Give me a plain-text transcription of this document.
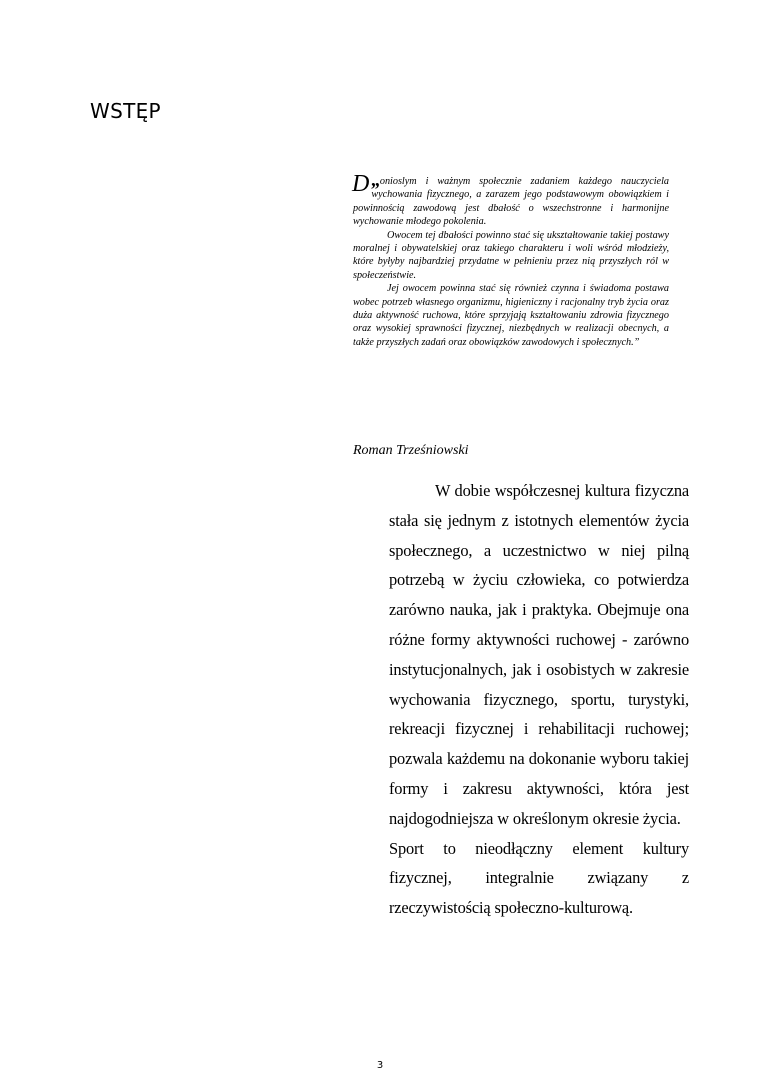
WSTĘP

„
D onioslym i ważnym społecznie zadaniem każdego nauczyciela wychowania fizycznego, a zarazem jego podstawowym obowiązkiem i powinnością zawodową jest dbałość o wszechstronne i harmonijne wychowanie młodego pokolenia.

Owocem tej dbałości powinno stać się ukształtowanie takiej postawy moralnej i obywatelskiej oraz takiego charakteru i woli wśród młodzieży, które byłyby najbardziej przydatne w pełnieniu przez nią przyszłych ról w społeczeństwie.

Jej owocem powinna stać się również czynna i świadoma postawa wobec potrzeb własnego organizmu, higieniczny i racjonalny tryb życia oraz duża aktywność ruchowa, które sprzyjają kształtowaniu zdrowia fizycznego oraz wysokiej sprawności fizycznej, niezbędnych w realizacji obecnych, a także przyszłych zadań oraz obowiązków zawodowych i społecznych.”

Roman Trześniowski

W dobie współczesnej kultura fizyczna stała się jednym z istotnych elementów życia społecznego, a uczestnictwo w niej pilną potrzebą w życiu człowieka, co potwierdza zarówno nauka, jak i praktyka. Obejmuje ona różne formy aktywności ruchowej - zarówno instytucjonalnych, jak i osobistych w zakresie wychowania fizycznego, sportu, turystyki, rekreacji fizycznej i rehabilitacji ruchowej; pozwala każdemu na dokonanie wyboru takiej formy i zakresu aktywności, która jest najdogodniejsza w określonym okresie życia.

Sport to nieodłączny element kultury fizycznej, integralnie związany z rzeczywistością społeczno-kulturową.

3
